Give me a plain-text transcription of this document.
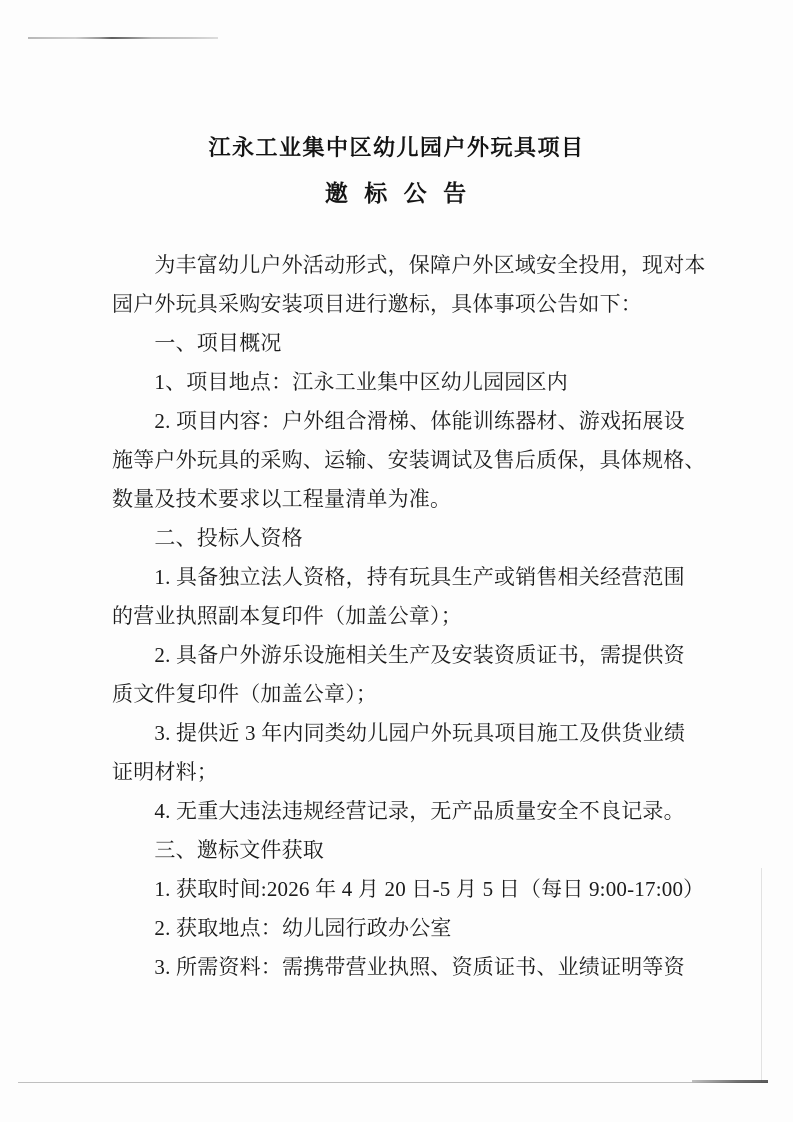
江永工业集中区幼儿园户外玩具项目
邀 标 公 告
　　为丰富幼儿户外活动形式，保障户外区域安全投用，现对本
园户外玩具采购安装项目进行邀标，具体事项公告如下：
　　一、项目概况
　　1、项目地点：江永工业集中区幼儿园园区内
　　2. 项目内容：户外组合滑梯、体能训练器材、游戏拓展设
施等户外玩具的采购、运输、安装调试及售后质保，具体规格、
数量及技术要求以工程量清单为准。
　　二、投标人资格
　　1. 具备独立法人资格，持有玩具生产或销售相关经营范围
的营业执照副本复印件（加盖公章）；
　　2. 具备户外游乐设施相关生产及安装资质证书，需提供资
质文件复印件（加盖公章）；
　　3. 提供近 3 年内同类幼儿园户外玩具项目施工及供货业绩
证明材料；
　　4. 无重大违法违规经营记录，无产品质量安全不良记录。
　　三、邀标文件获取
　　1. 获取时间:2026 年 4 月 20 日-5 月 5 日（每日 9:00-17:00）
　　2. 获取地点：幼儿园行政办公室
　　3. 所需资料：需携带营业执照、资质证书、业绩证明等资
